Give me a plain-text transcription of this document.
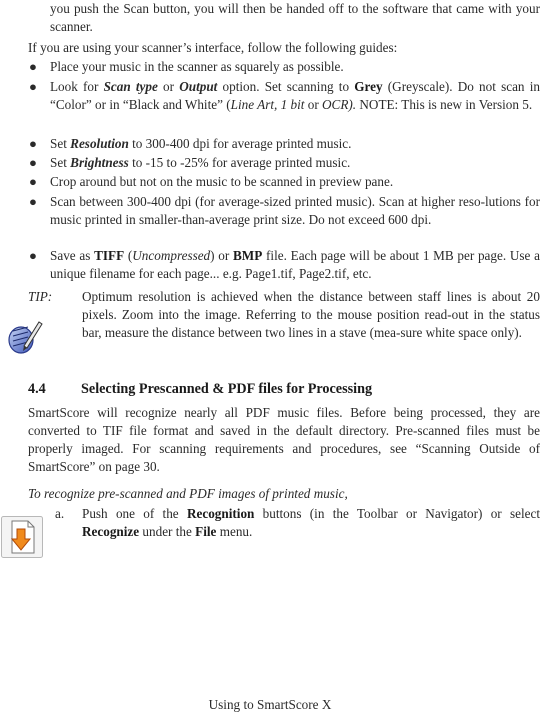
you push the Scan button, you will then be handed off to the software that came with your scanner.
If you are using your scanner’s interface, follow the following guides:
● Place your music in the scanner as squarely as possible.
● Look for Scan type or Output option. Set scanning to Grey (Greyscale). Do not scan in “Color” or in “Black and White” (Line Art, 1 bit or OCR). NOTE: This is new in Version 5.
● Set Resolution to 300-400 dpi for average printed music.
● Set Brightness to -15 to -25% for average printed music.
● Crop around but not on the music to be scanned in preview pane.
● Scan between 300-400 dpi (for average-sized printed music). Scan at higher reso-lutions for music printed in smaller-than-average print size. Do not exceed 600 dpi.
● Save as TIFF (Uncompressed) or BMP file. Each page will be about 1 MB per page. Use a unique filename for each page... e.g. Page1.tif, Page2.tif, etc.
TIP:	Optimum resolution is achieved when the distance between staff lines is about 20 pixels. Zoom into the image. Referring to the mouse position read-out in the status bar, measure the distance between two lines in a stave (mea-sure white space only).
4.4 Selecting Prescanned & PDF files for Processing
SmartScore will recognize nearly all PDF music files. Before being processed, they are converted to TIF file format and saved in the default directory. Pre-scanned files must be properly imaged. For scanning requirements and procedures, see “Scanning Outside of SmartScore” on page 30.
To recognize pre-scanned and PDF images of printed music,
a. Push one of the Recognition buttons (in the Toolbar or Navigator) or select Recognize under the File menu.
Using to SmartScore X
